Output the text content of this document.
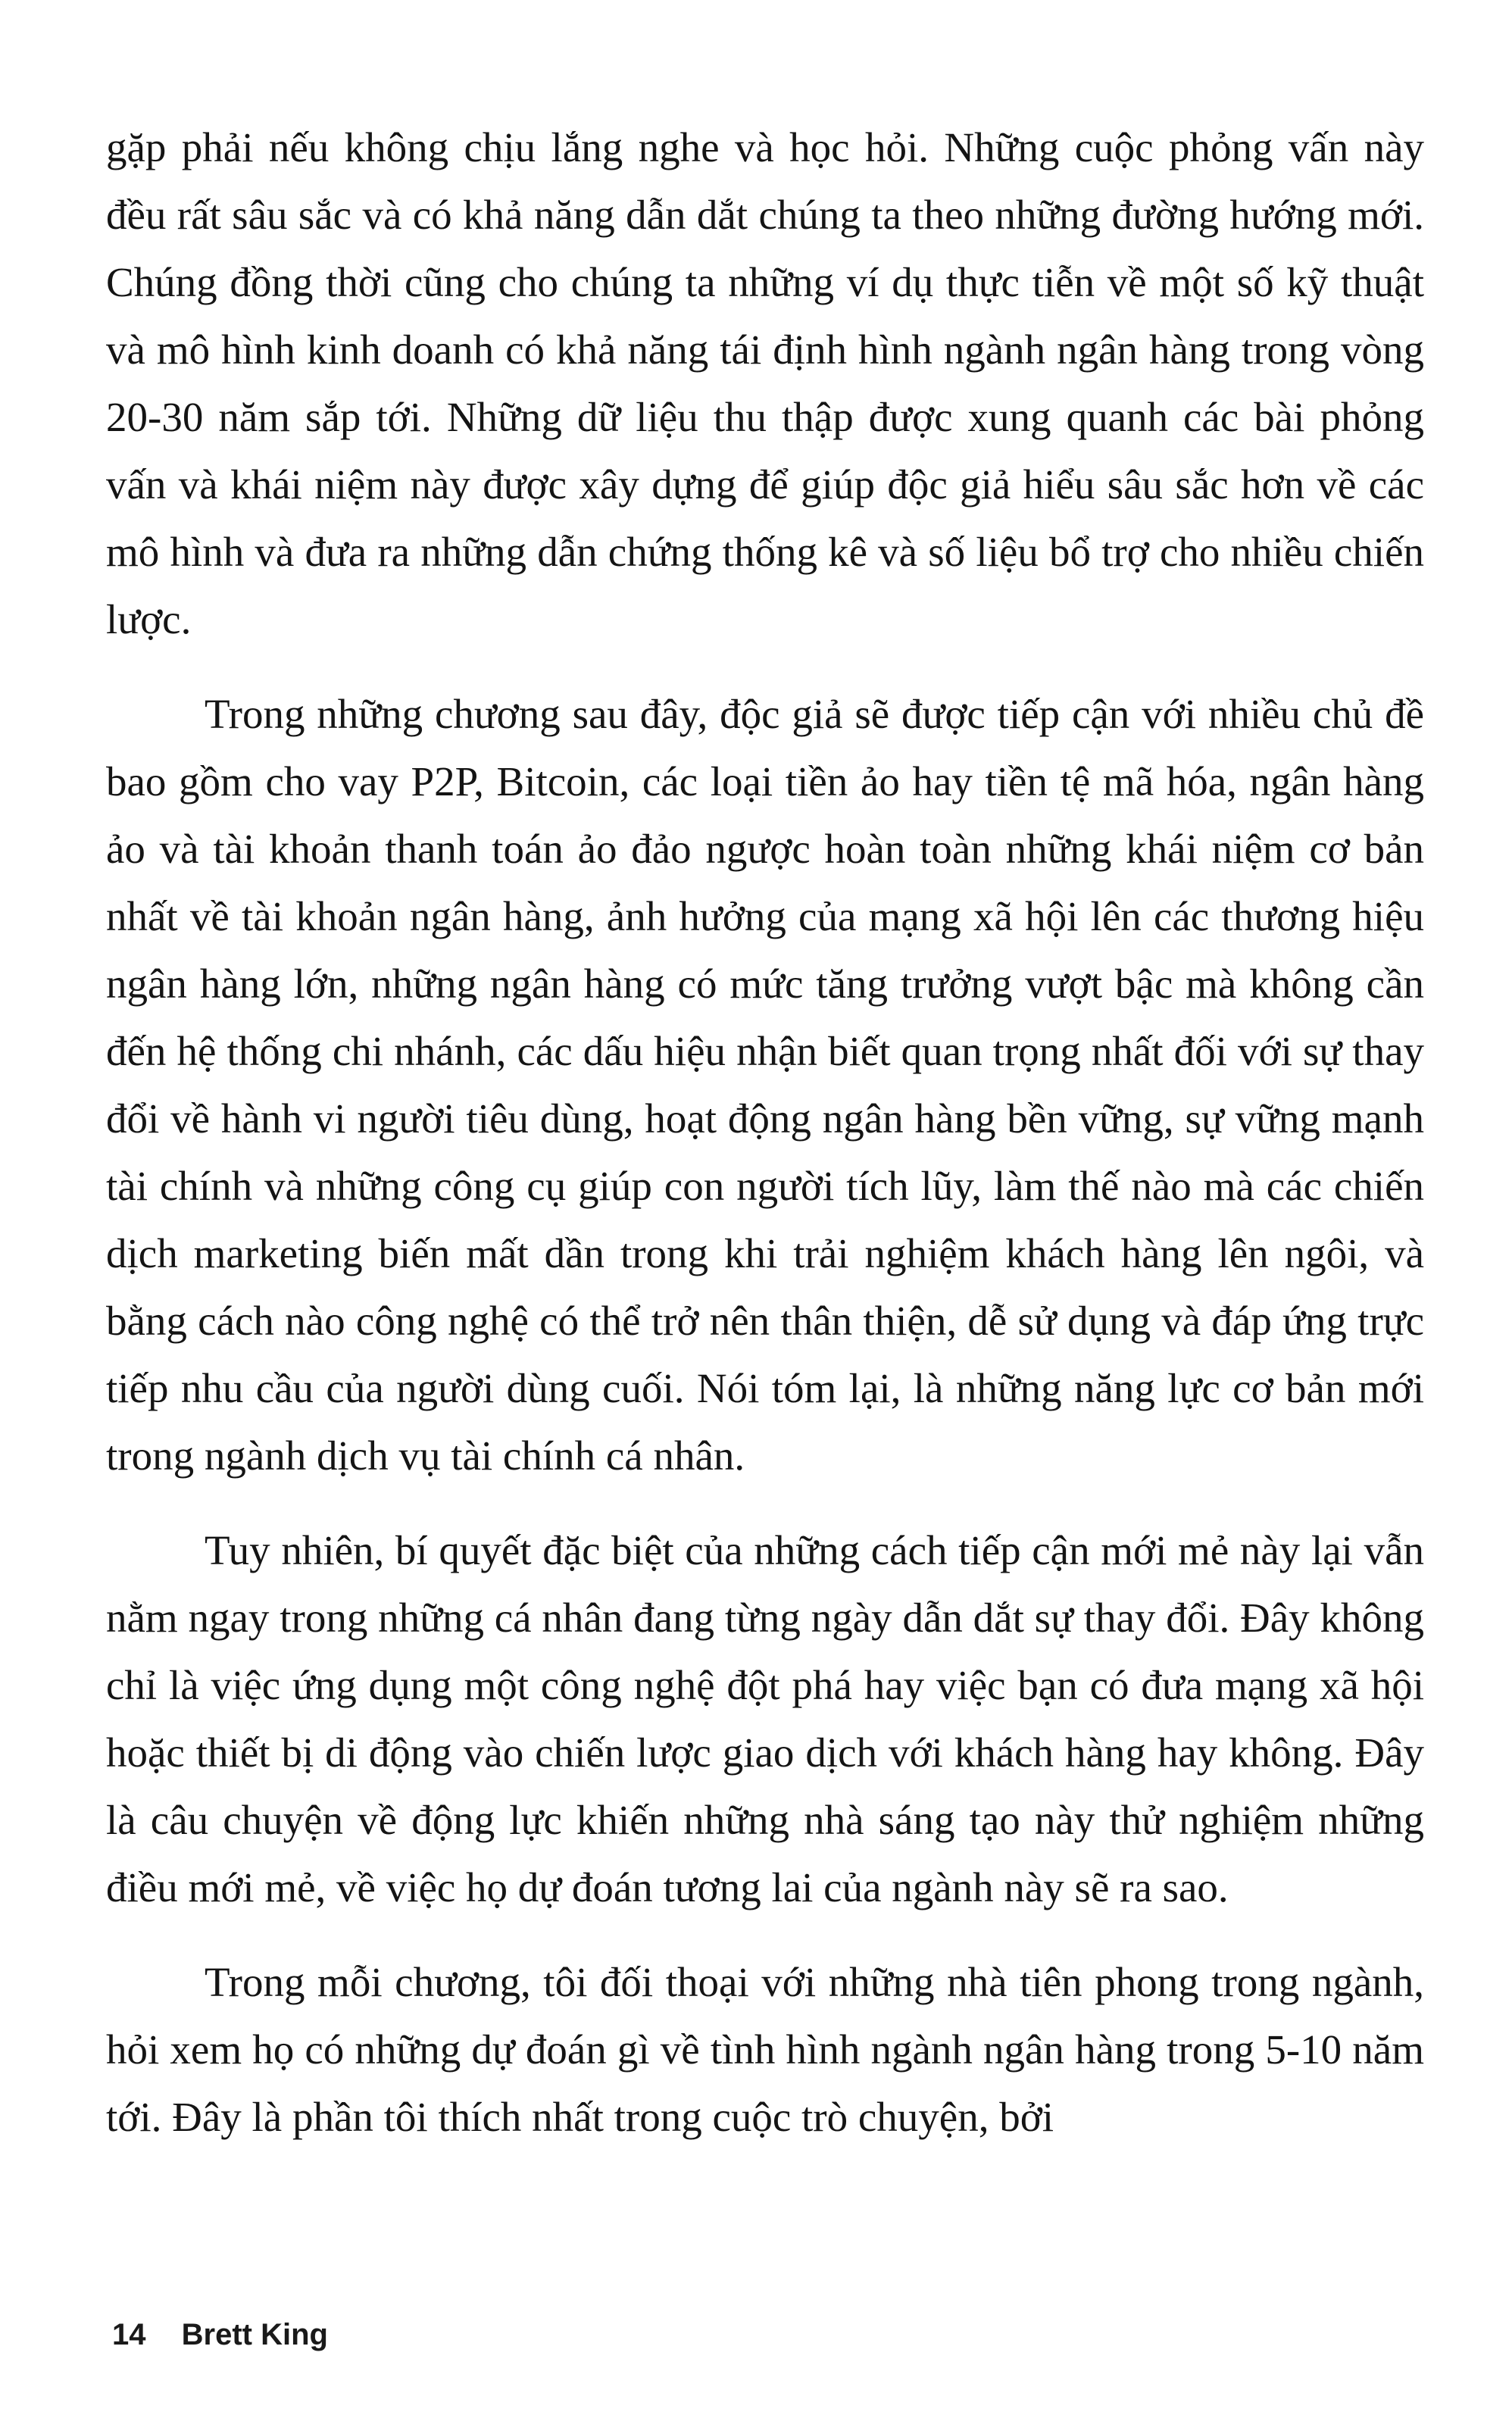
gặp phải nếu không chịu lắng nghe và học hỏi. Những cuộc phỏng vấn này đều rất sâu sắc và có khả năng dẫn dắt chúng ta theo những đường hướng mới. Chúng đồng thời cũng cho chúng ta những ví dụ thực tiễn về một số kỹ thuật và mô hình kinh doanh có khả năng tái định hình ngành ngân hàng trong vòng 20-30 năm sắp tới. Những dữ liệu thu thập được xung quanh các bài phỏng vấn và khái niệm này được xây dựng để giúp độc giả hiểu sâu sắc hơn về các mô hình và đưa ra những dẫn chứng thống kê và số liệu bổ trợ cho nhiều chiến lược.

Trong những chương sau đây, độc giả sẽ được tiếp cận với nhiều chủ đề bao gồm cho vay P2P, Bitcoin, các loại tiền ảo hay tiền tệ mã hóa, ngân hàng ảo và tài khoản thanh toán ảo đảo ngược hoàn toàn những khái niệm cơ bản nhất về tài khoản ngân hàng, ảnh hưởng của mạng xã hội lên các thương hiệu ngân hàng lớn, những ngân hàng có mức tăng trưởng vượt bậc mà không cần đến hệ thống chi nhánh, các dấu hiệu nhận biết quan trọng nhất đối với sự thay đổi về hành vi người tiêu dùng, hoạt động ngân hàng bền vững, sự vững mạnh tài chính và những công cụ giúp con người tích lũy, làm thế nào mà các chiến dịch marketing biến mất dần trong khi trải nghiệm khách hàng lên ngôi, và bằng cách nào công nghệ có thể trở nên thân thiện, dễ sử dụng và đáp ứng trực tiếp nhu cầu của người dùng cuối. Nói tóm lại, là những năng lực cơ bản mới trong ngành dịch vụ tài chính cá nhân.

Tuy nhiên, bí quyết đặc biệt của những cách tiếp cận mới mẻ này lại vẫn nằm ngay trong những cá nhân đang từng ngày dẫn dắt sự thay đổi. Đây không chỉ là việc ứng dụng một công nghệ đột phá hay việc bạn có đưa mạng xã hội hoặc thiết bị di động vào chiến lược giao dịch với khách hàng hay không. Đây là câu chuyện về động lực khiến những nhà sáng tạo này thử nghiệm những điều mới mẻ, về việc họ dự đoán tương lai của ngành này sẽ ra sao.

Trong mỗi chương, tôi đối thoại với những nhà tiên phong trong ngành, hỏi xem họ có những dự đoán gì về tình hình ngành ngân hàng trong 5-10 năm tới. Đây là phần tôi thích nhất trong cuộc trò chuyện, bởi

14 Brett King
